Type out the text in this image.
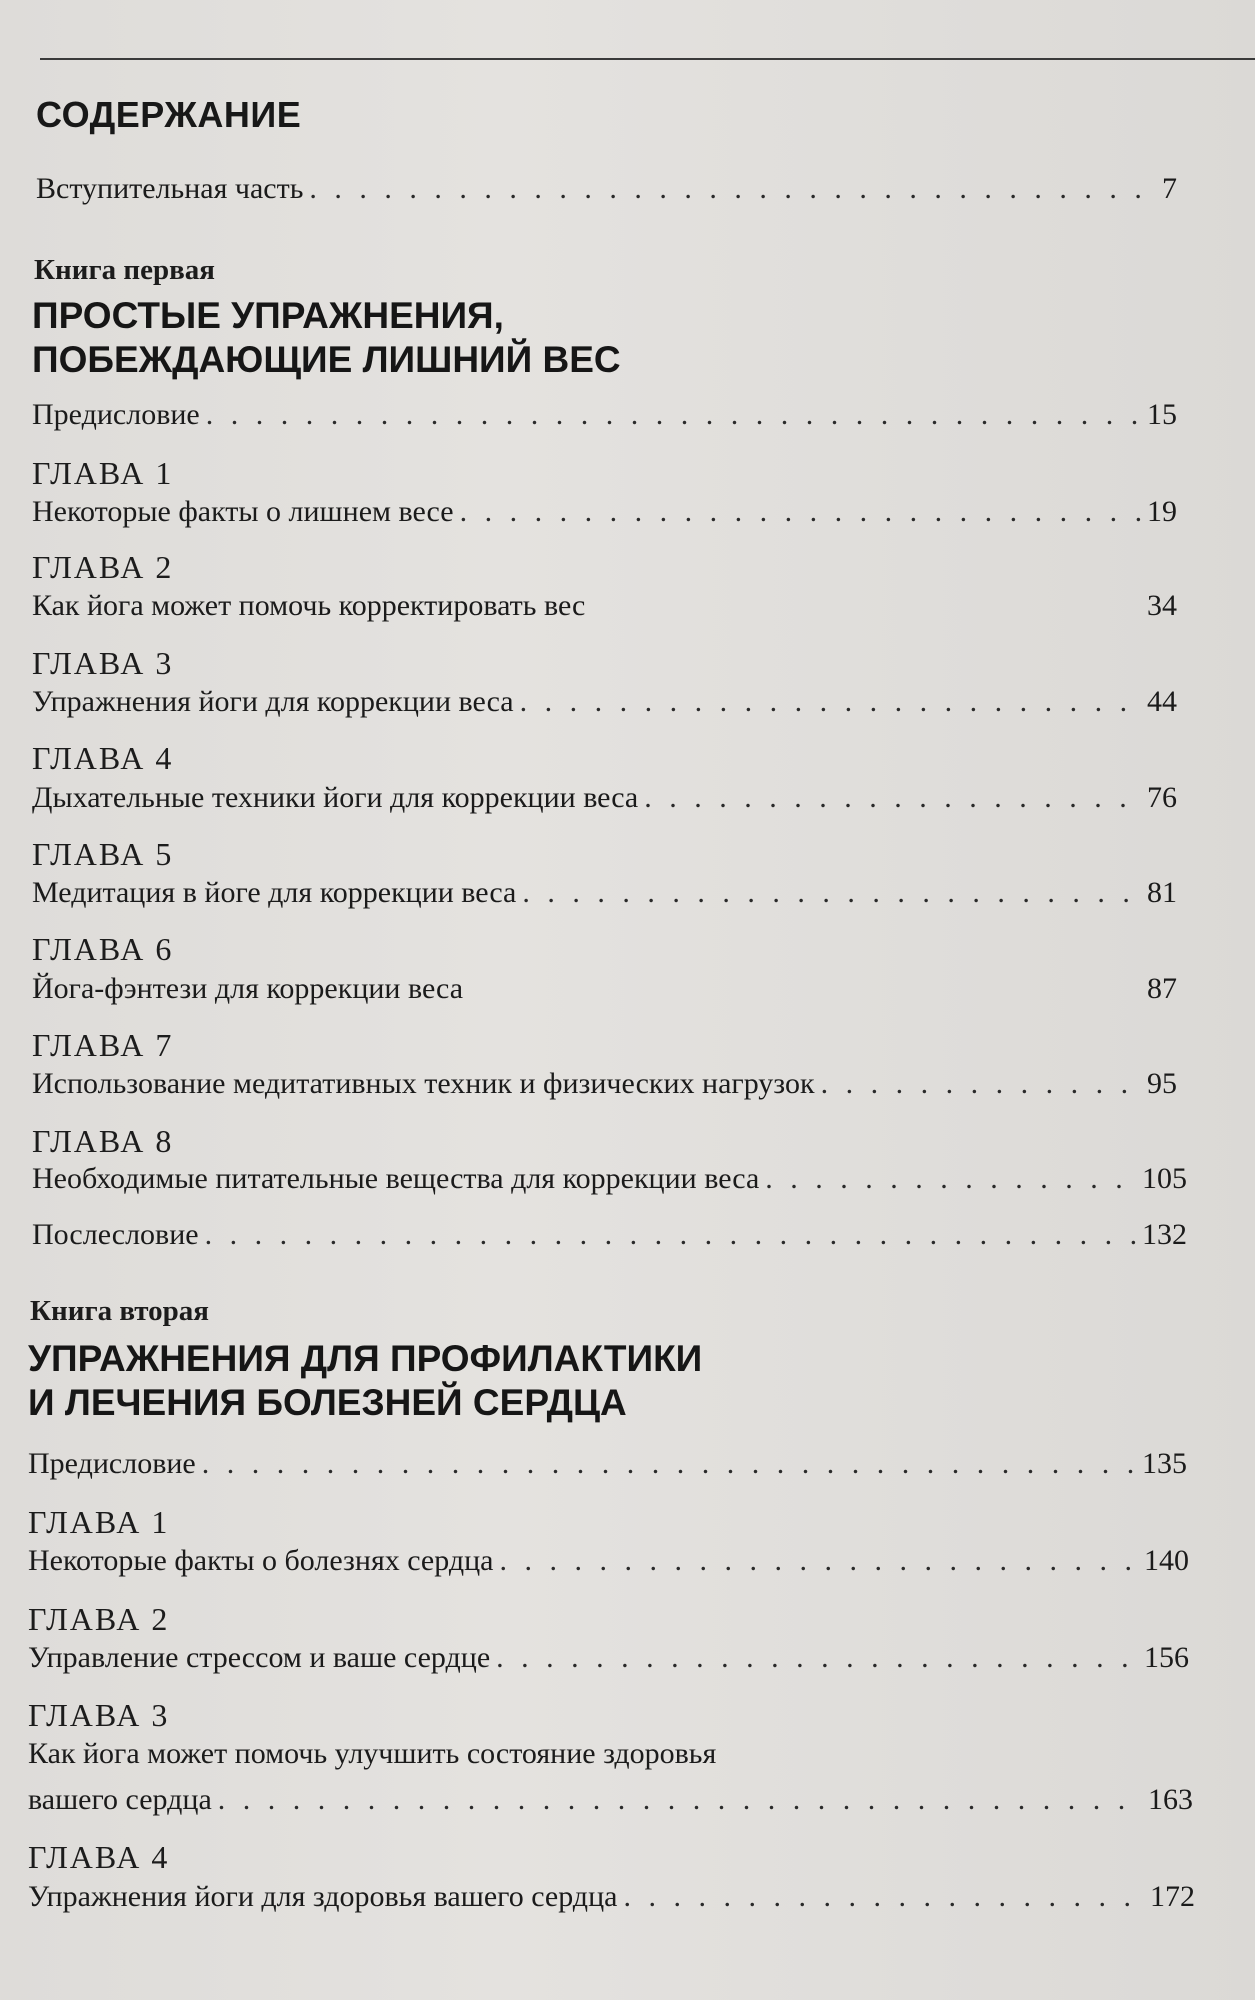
СОДЕРЖАНИЕ
Вступительная часть . . .	7
Книга первая
ПРОСТЫЕ УПРАЖНЕНИЯ,
ПОБЕЖДАЮЩИЕ ЛИШНИЙ ВЕС
Предисловие . . .	15
ГЛАВА 1
Некоторые факты о лишнем весе . . .	19
ГЛАВА 2
Как йога может помочь корректировать вес	34
ГЛАВА 3
Упражнения йоги для коррекции веса . . .	44
ГЛАВА 4
Дыхательные техники йоги для коррекции веса . . .	76
ГЛАВА 5
Медитация в йоге для коррекции веса . . .	81
ГЛАВА 6
Йога-фэнтези для коррекции веса	87
ГЛАВА 7
Использование медитативных техник и физических нагрузок . . .	95
ГЛАВА 8
Необходимые питательные вещества для коррекции веса . . .	105
Послесловие . . .	132
Книга вторая
УПРАЖНЕНИЯ ДЛЯ ПРОФИЛАКТИКИ
И ЛЕЧЕНИЯ БОЛЕЗНЕЙ СЕРДЦА
Предисловие . . .	135
ГЛАВА 1
Некоторые факты о болезнях сердца . . .	140
ГЛАВА 2
Управление стрессом и ваше сердце . . .	156
ГЛАВА 3
Как йога может помочь улучшить состояние здоровья
вашего сердца . . .	163
ГЛАВА 4
Упражнения йоги для здоровья вашего сердца . . .	172
